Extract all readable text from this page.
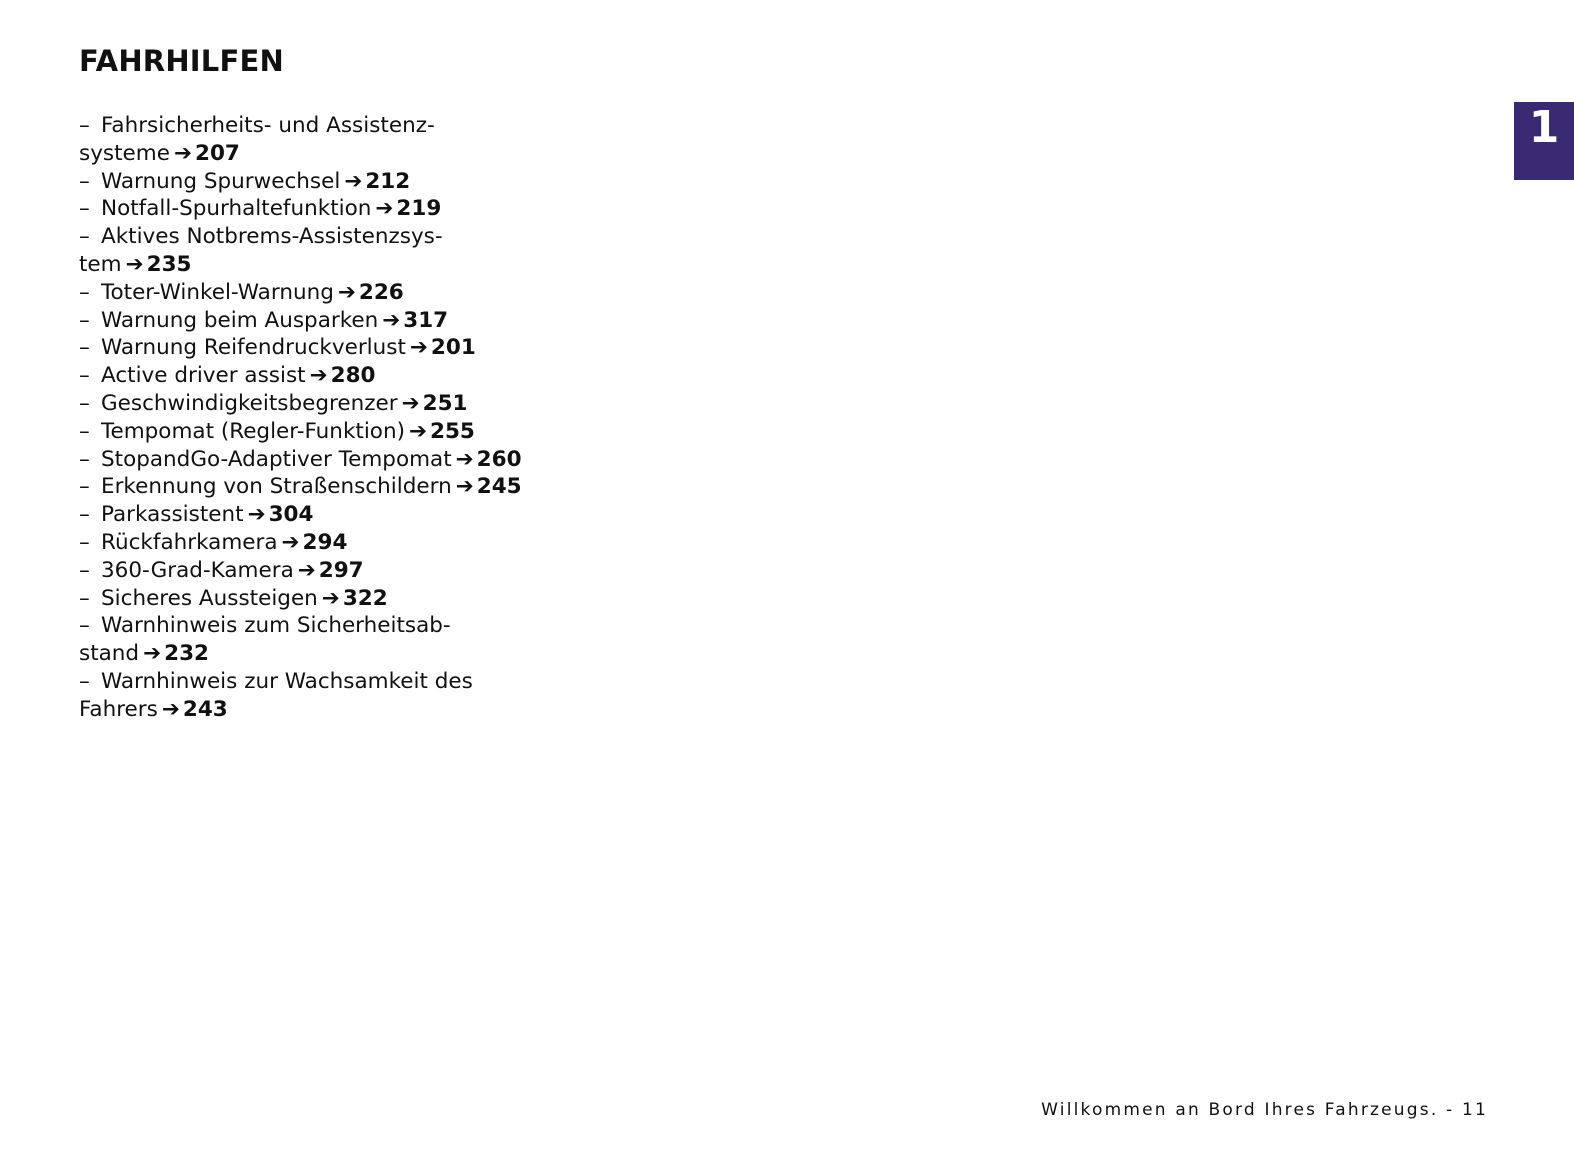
FAHRHILFEN
– Fahrsicherheits- und Assistenzsysteme ➔ 207
– Warnung Spurwechsel ➔ 212
– Notfall-Spurhaltefunktion ➔ 219
– Aktives Notbrems-Assistenzsystem ➔ 235
– Toter-Winkel-Warnung ➔ 226
– Warnung beim Ausparken ➔ 317
– Warnung Reifendruckverlust ➔ 201
– Active driver assist ➔ 280
– Geschwindigkeitsbegrenzer ➔ 251
– Tempomat (Regler-Funktion) ➔ 255
– StopandGo-Adaptiver Tempomat ➔ 260
– Erkennung von Straßenschildern ➔ 245
– Parkassistent ➔ 304
– Rückfahrkamera ➔ 294
– 360-Grad-Kamera ➔ 297
– Sicheres Aussteigen ➔ 322
– Warnhinweis zum Sicherheitsabstand ➔ 232
– Warnhinweis zur Wachsamkeit des Fahrers ➔ 243
1
Willkommen an Bord Ihres Fahrzeugs. - 11
